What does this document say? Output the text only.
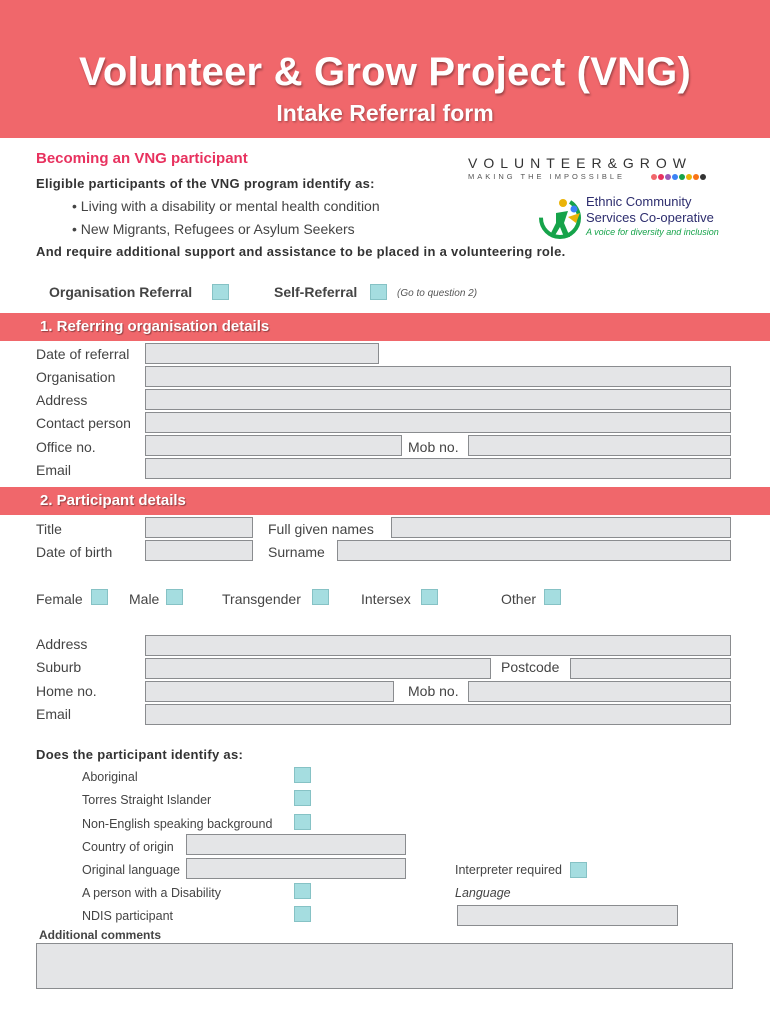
Volunteer & Grow Project (VNG)
Intake Referral form
Becoming an VNG participant
Eligible participants of the VNG program identify as:
• Living with a disability or mental health condition
• New Migrants, Refugees or Asylum Seekers
And require additional support and assistance to be placed in a volunteering role.
VOLUNTEER&GROW
MAKING THE IMPOSSIBLE
Ethnic Community
Services Co-operative
A voice for diversity and inclusion
Organisation Referral	Self-Referral	(Go to question 2)
1. Referring organisation details
Date of referral
Organisation
Address
Contact person
Office no.	Mob no.
Email
2. Participant details
Title	Full given names
Date of birth	Surname
Female	Male	Transgender	Intersex	Other
Address
Suburb	Postcode
Home no.	Mob no.
Email
Does the participant identify as:
Aboriginal
Torres Straight Islander
Non-English speaking background
Country of origin
Original language	Interpreter required
A person with a Disability	Language
NDIS participant
Additional comments
